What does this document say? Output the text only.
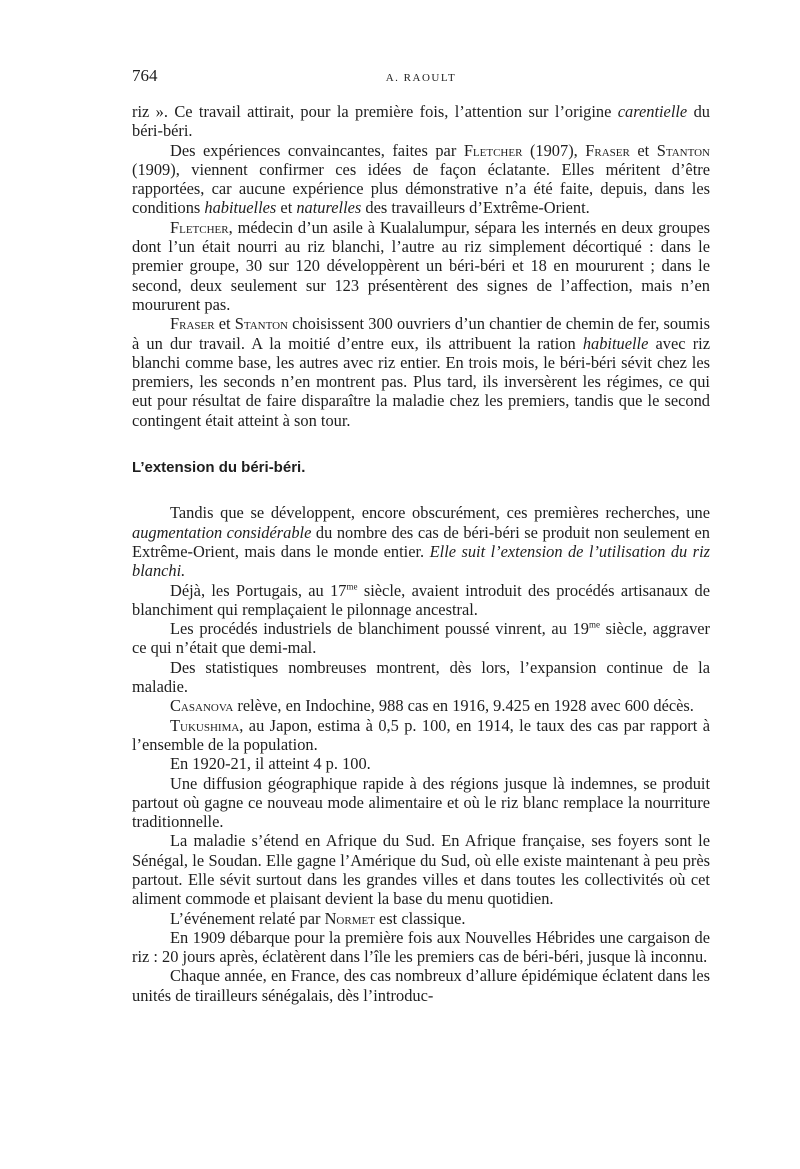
764	A. RAOULT

riz ». Ce travail attirait, pour la première fois, l’attention sur l’origine carentielle du béri-béri.

Des expériences convaincantes, faites par Fletcher (1907), Fraser et Stanton (1909), viennent confirmer ces idées de façon éclatante. Elles méritent d’être rapportées, car aucune expérience plus démonstrative n’a été faite, depuis, dans les conditions habituelles et naturelles des travailleurs d’Extrême-Orient.

Fletcher, médecin d’un asile à Kualalumpur, sépara les internés en deux groupes dont l’un était nourri au riz blanchi, l’autre au riz simplement décortiqué : dans le premier groupe, 30 sur 120 développèrent un béri-béri et 18 en moururent ; dans le second, deux seulement sur 123 présentèrent des signes de l’affection, mais n’en moururent pas.

Fraser et Stanton choisissent 300 ouvriers d’un chantier de chemin de fer, soumis à un dur travail. A la moitié d’entre eux, ils attribuent la ration habituelle avec riz blanchi comme base, les autres avec riz entier. En trois mois, le béri-béri sévit chez les premiers, les seconds n’en montrent pas. Plus tard, ils inversèrent les régimes, ce qui eut pour résultat de faire disparaître la maladie chez les premiers, tandis que le second contingent était atteint à son tour.

L’extension du béri-béri.

Tandis que se développent, encore obscurément, ces premières recherches, une augmentation considérable du nombre des cas de béri-béri se produit non seulement en Extrême-Orient, mais dans le monde entier. Elle suit l’extension de l’utilisation du riz blanchi.

Déjà, les Portugais, au $17^{me}$ siècle, avaient introduit des procédés artisanaux de blanchiment qui remplaçaient le pilonnage ancestral.

Les procédés industriels de blanchiment poussé vinrent, au $19^{me}$ siècle, aggraver ce qui n’était que demi-mal.

Des statistiques nombreuses montrent, dès lors, l’expansion continue de la maladie.

Casanova relève, en Indochine, 988 cas en 1916, 9.425 en 1928 avec 600 décès.

Tukushima, au Japon, estima à 0,5 p. 100, en 1914, le taux des cas par rapport à l’ensemble de la population.

En 1920-21, il atteint 4 p. 100.

Une diffusion géographique rapide à des régions jusque là indemnes, se produit partout où gagne ce nouveau mode alimentaire et où le riz blanc remplace la nourriture traditionnelle.

La maladie s’étend en Afrique du Sud. En Afrique française, ses foyers sont le Sénégal, le Soudan. Elle gagne l’Amérique du Sud, où elle existe maintenant à peu près partout. Elle sévit surtout dans les grandes villes et dans toutes les collectivités où cet aliment commode et plaisant devient la base du menu quotidien.

L’événement relaté par Normet est classique.

En 1909 débarque pour la première fois aux Nouvelles Hébrides une cargaison de riz : 20 jours après, éclatèrent dans l’île les premiers cas de béri-béri, jusque là inconnu.

Chaque année, en France, des cas nombreux d’allure épidémique éclatent dans les unités de tirailleurs sénégalais, dès l’introduc-
